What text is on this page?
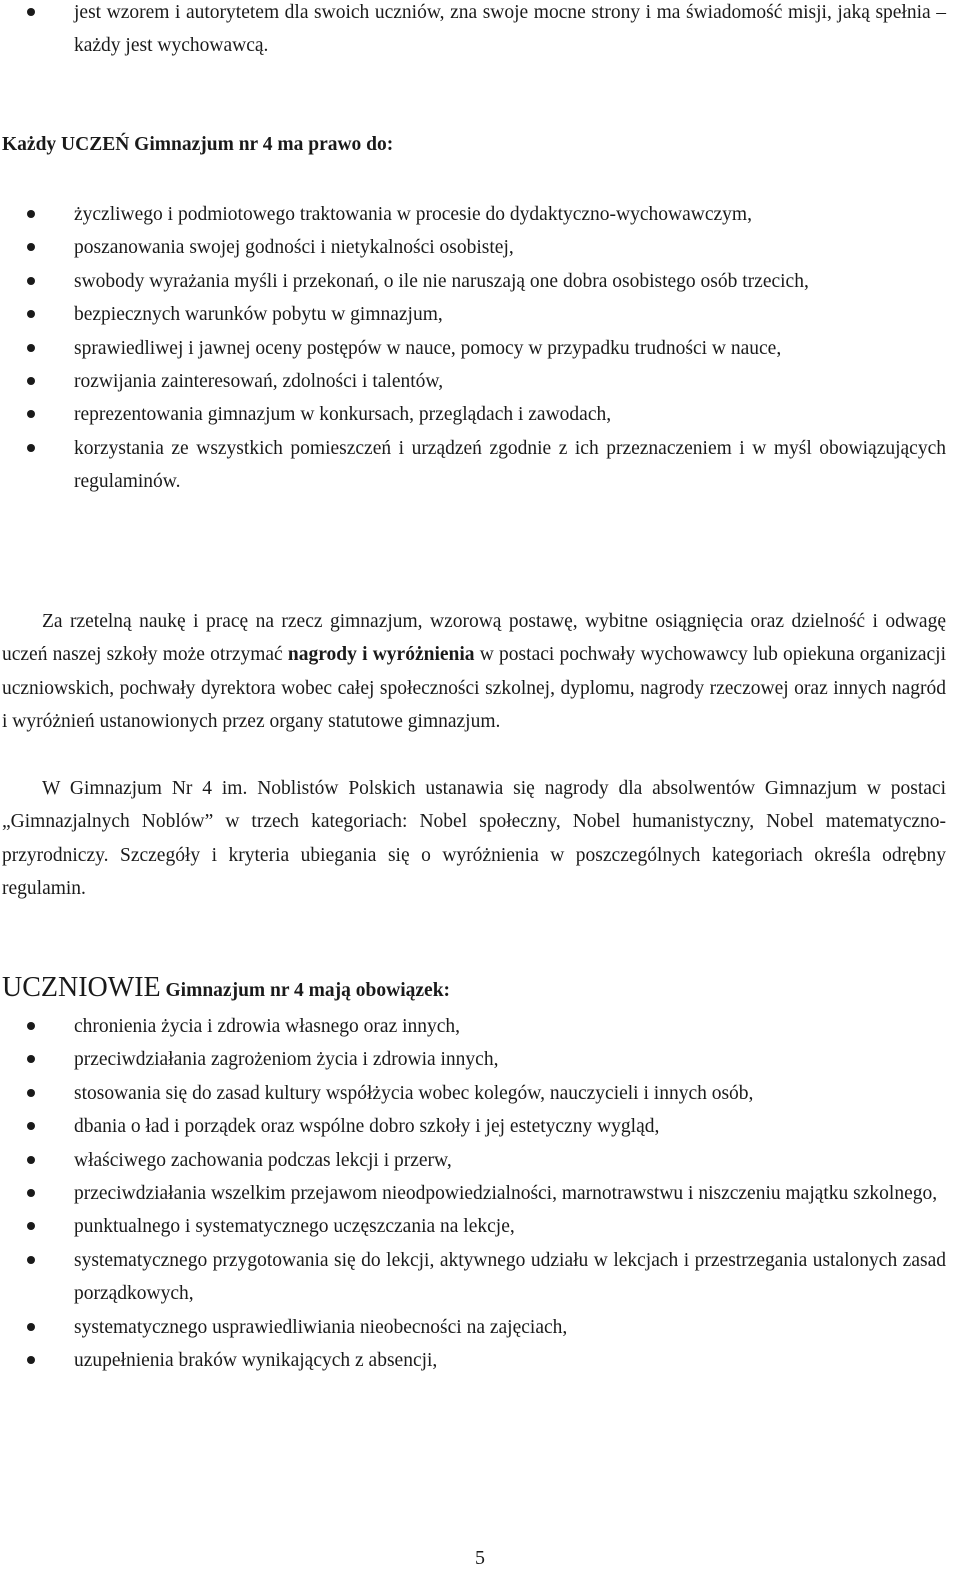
jest wzorem i autorytetem dla swoich uczniów, zna swoje mocne strony i ma świadomość misji, jaką spełnia – każdy jest wychowawcą.

Każdy UCZEŃ Gimnazjum nr 4 ma prawo do:

życzliwego i podmiotowego traktowania w procesie do dydaktyczno-wychowawczym,
poszanowania swojej godności i nietykalności osobistej,
swobody wyrażania myśli i przekonań, o ile nie naruszają one dobra osobistego osób trzecich,
bezpiecznych warunków pobytu w gimnazjum,
sprawiedliwej i jawnej oceny postępów w nauce, pomocy w przypadku trudności w nauce,
rozwijania zainteresowań, zdolności i talentów,
reprezentowania gimnazjum w konkursach, przeglądach i zawodach,
korzystania ze wszystkich pomieszczeń i urządzeń zgodnie z ich przeznaczeniem i w myśl obowiązujących regulaminów.

Za rzetelną naukę i pracę na rzecz gimnazjum, wzorową postawę, wybitne osiągnięcia oraz dzielność i odwagę uczeń naszej szkoły może otrzymać nagrody i wyróżnienia w postaci pochwały wychowawcy lub opiekuna organizacji uczniowskich, pochwały dyrektora wobec całej społeczności szkolnej, dyplomu, nagrody rzeczowej oraz innych nagród i wyróżnień ustanowionych przez organy statutowe gimnazjum.

W Gimnazjum Nr 4 im. Noblistów Polskich ustanawia się nagrody dla absolwentów Gimnazjum w postaci „Gimnazjalnych Noblów” w trzech kategoriach: Nobel społeczny, Nobel humanistyczny, Nobel matematyczno-przyrodniczy. Szczegóły i kryteria ubiegania się o wyróżnienia w poszczególnych kategoriach określa odrębny regulamin.

UCZNIOWIE Gimnazjum nr 4 mają obowiązek:

chronienia życia i zdrowia własnego oraz innych,
przeciwdziałania zagrożeniom życia i zdrowia innych,
stosowania się do zasad kultury współżycia wobec kolegów, nauczycieli i innych osób,
dbania o ład i porządek oraz wspólne dobro szkoły i jej estetyczny wygląd,
właściwego zachowania podczas lekcji i przerw,
przeciwdziałania wszelkim przejawom nieodpowiedzialności, marnotrawstwu i niszczeniu majątku szkolnego,
punktualnego i systematycznego uczęszczania na lekcje,
systematycznego przygotowania się do lekcji, aktywnego udziału w lekcjach i przestrzegania ustalonych zasad porządkowych,
systematycznego usprawiedliwiania nieobecności na zajęciach,
uzupełnienia braków wynikających z absencji,
5
